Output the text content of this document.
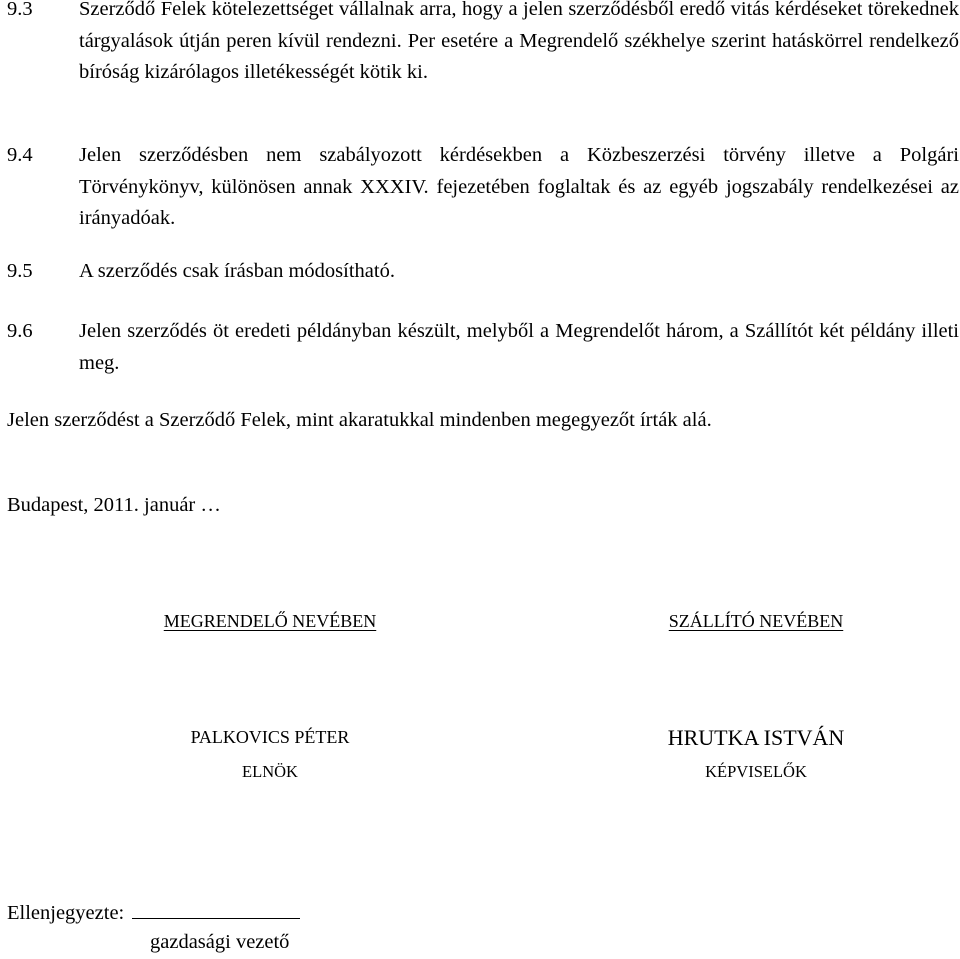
9.3 Szerződő Felek kötelezettséget vállalnak arra, hogy a jelen szerződésből eredő vitás kérdéseket törekednek tárgyalások útján peren kívül rendezni. Per esetére a Megrendelő székhelye szerint hatáskörrel rendelkező bíróság kizárólagos illetékességét kötik ki.
9.4 Jelen szerződésben nem szabályozott kérdésekben a Közbeszerzési törvény illetve a Polgári Törvénykönyv, különösen annak XXXIV. fejezetében foglaltak és az egyéb jogszabály rendelkezései az irányadóak.
9.5 A szerződés csak írásban módosítható.
9.6 Jelen szerződés öt eredeti példányban készült, melyből a Megrendelőt három, a Szállítót két példány illeti meg.
Jelen szerződést a Szerződő Felek, mint akaratukkal mindenben megegyezőt írták alá.
Budapest, 2011. január …
MEGRENDELŐ NEVÉBEN
PALKOVICS PÉTER
ELNÖK
SZÁLLÍTÓ NEVÉBEN
HRUTKA ISTVÁN
KÉPVISELŐK
Ellenjegyezte:
gazdasági vezető
